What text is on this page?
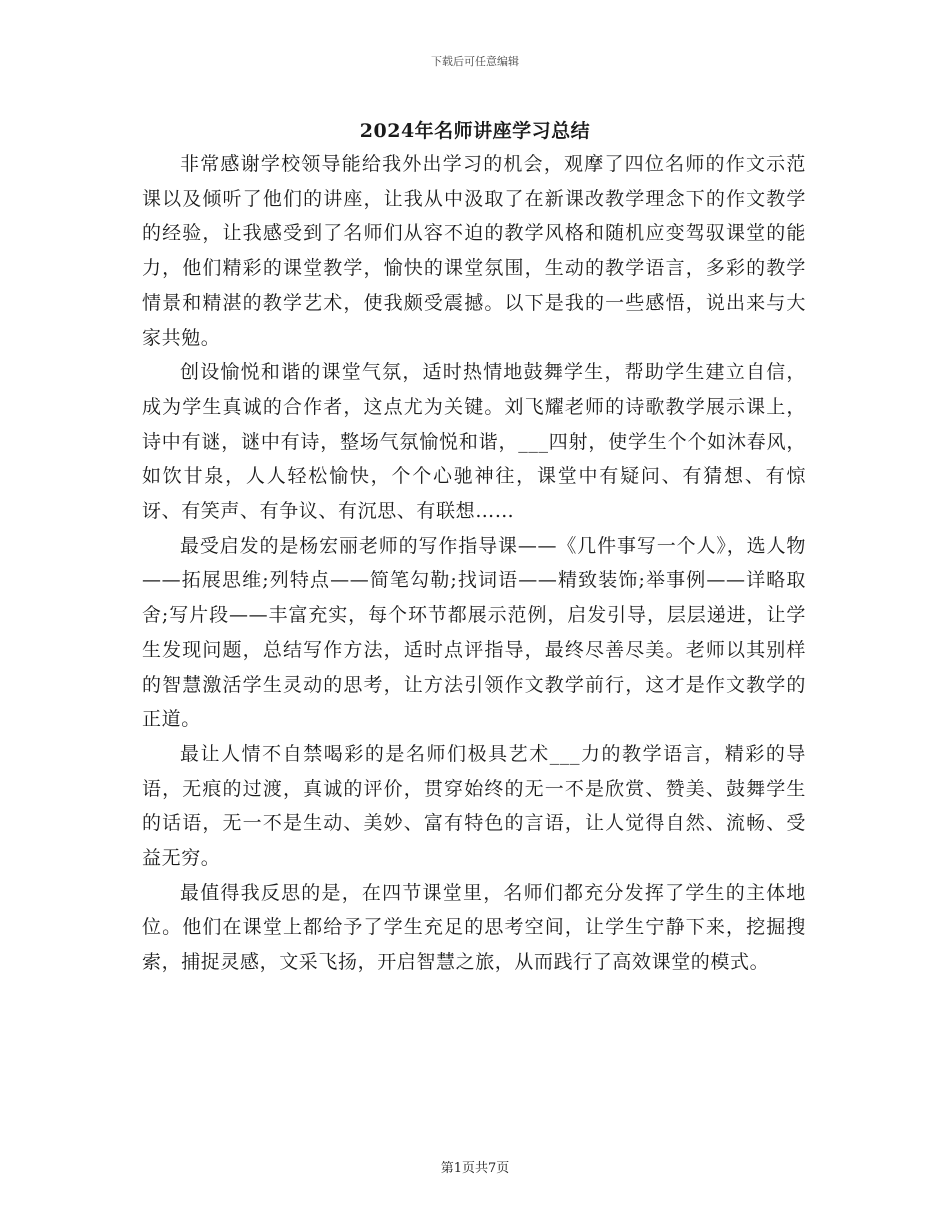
下载后可任意编辑
2024年名师讲座学习总结

非常感谢学校领导能给我外出学习的机会，观摩了四位名师的作文示范课以及倾听了他们的讲座，让我从中汲取了在新课改教学理念下的作文教学的经验，让我感受到了名师们从容不迫的教学风格和随机应变驾驭课堂的能力，他们精彩的课堂教学，愉快的课堂氛围，生动的教学语言，多彩的教学情景和精湛的教学艺术，使我颇受震撼。以下是我的一些感悟，说出来与大家共勉。

创设愉悦和谐的课堂气氛，适时热情地鼓舞学生，帮助学生建立自信，成为学生真诚的合作者，这点尤为关键。刘飞耀老师的诗歌教学展示课上，诗中有谜，谜中有诗，整场气氛愉悦和谐，___四射，使学生个个如沐春风，如饮甘泉，人人轻松愉快，个个心驰神往，课堂中有疑问、有猜想、有惊讶、有笑声、有争议、有沉思、有联想……

最受启发的是杨宏丽老师的写作指导课——《几件事写一个人》，选人物——拓展思维;列特点——简笔勾勒;找词语——精致装饰;举事例——详略取舍;写片段——丰富充实，每个环节都展示范例，启发引导，层层递进，让学生发现问题，总结写作方法，适时点评指导，最终尽善尽美。老师以其别样的智慧激活学生灵动的思考，让方法引领作文教学前行，这才是作文教学的正道。

最让人情不自禁喝彩的是名师们极具艺术___力的教学语言，精彩的导语，无痕的过渡，真诚的评价，贯穿始终的无一不是欣赏、赞美、鼓舞学生的话语，无一不是生动、美妙、富有特色的言语，让人觉得自然、流畅、受益无穷。

最值得我反思的是，在四节课堂里，名师们都充分发挥了学生的主体地位。他们在课堂上都给予了学生充足的思考空间，让学生宁静下来，挖掘搜索，捕捉灵感，文采飞扬，开启智慧之旅，从而践行了高效课堂的模式。

第1页共7页
